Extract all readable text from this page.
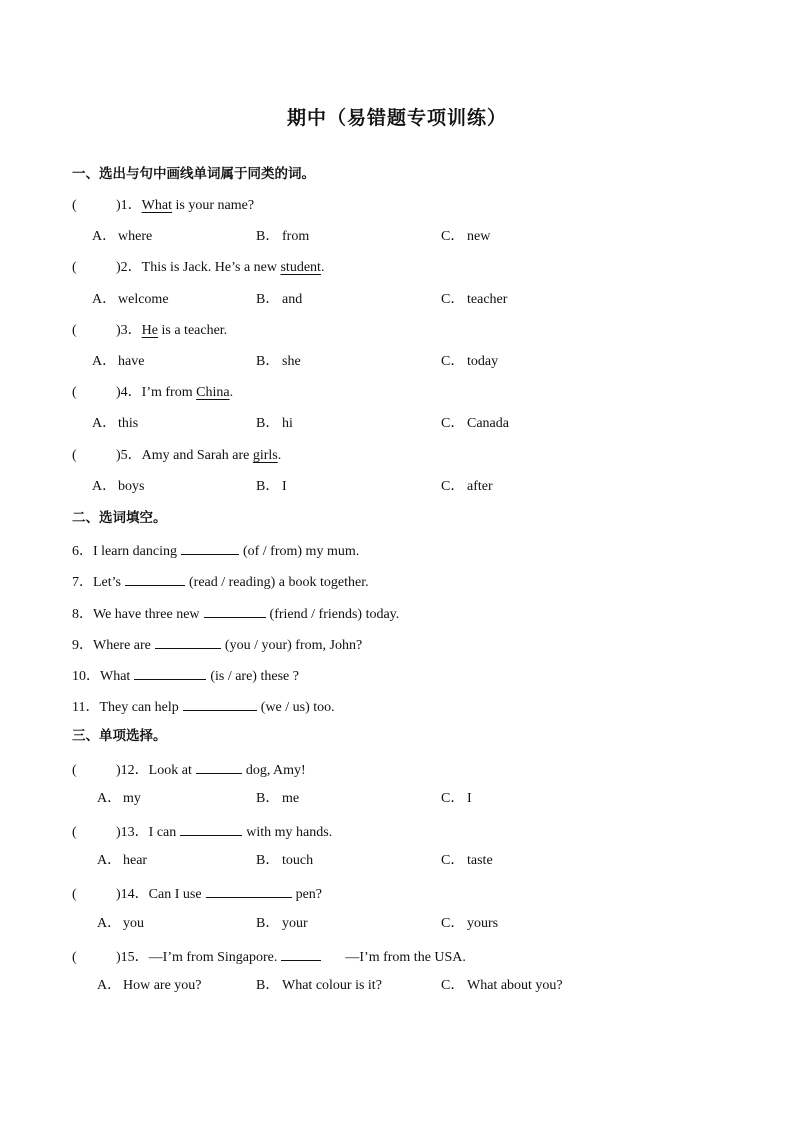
期中（易错题专项训练）
一、选出与句中画线单词属于同类的词。
(	)1．What is your name?
A． where	B． from	C． new
(	)2．This is Jack. He’s a new student.
A． welcome	B． and	C． teacher
(	)3．He is a teacher.
A． have	B． she	C． today
(	)4．I’m from China.
A． this	B． hi	C． Canada
(	)5．Amy and Sarah are girls.
A． boys	B． I	C． after
二、选词填空。
6．I learn dancing	(of / from) my mum.
7．Let’s	(read / reading) a book together.
8．We have three new	(friend / friends) today.
9．Where are	(you / your) from, John?
10．What	(is / are) these ?
11．They can help	(we / us) too.
三、单项选择。
(	)12．Look at	dog, Amy!
A． my	B． me	C． I
(	)13．I can	with my hands.
A． hear	B． touch	C． taste
(	)14．Can I use	pen?
A． you	B． your	C． yours
(	)15．—I’m from Singapore.	—I’m from the USA.
A． How are you?	B． What colour is it?	C． What about you?
